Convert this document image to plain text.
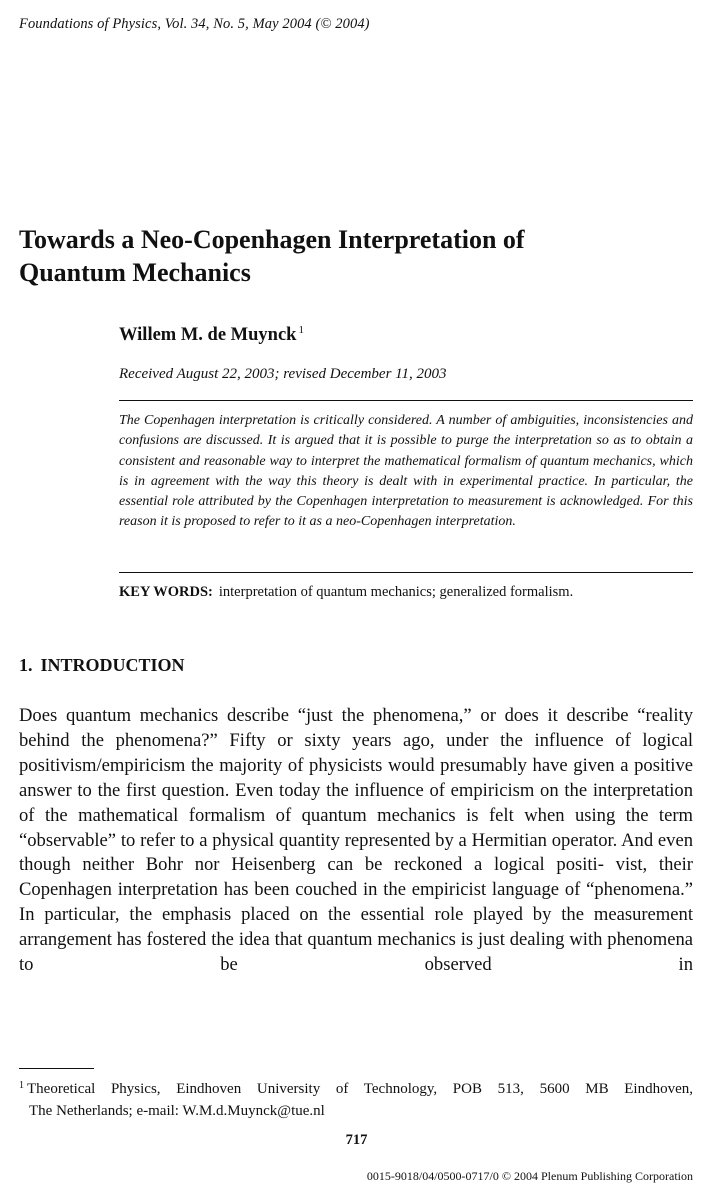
Foundations of Physics, Vol. 34, No. 5, May 2004 (© 2004)
Towards a Neo-Copenhagen Interpretation of
Quantum Mechanics
Willem M. de Muynck $^1$
Received August 22, 2003; revised December 11, 2003

The Copenhagen interpretation is critically considered. A number of ambiguities, inconsistencies and confusions are discussed. It is argued that it is possible to purge the interpretation so as to obtain a consistent and reasonable way to interpret the mathematical formalism of quantum mechanics, which is in agreement with the way this theory is dealt with in experimental practice. In particular, the essential role attributed by the Copenhagen interpretation to measurement is acknowledged. For this reason it is proposed to refer to it as a neo-Copenhagen interpretation.

KEY WORDS: interpretation of quantum mechanics; generalized formalism.
1. INTRODUCTION

Does quantum mechanics describe “just the phenomena,” or does it describe “reality behind the phenomena?” Fifty or sixty years ago, under the influence of logical positivism/empiricism the majority of physicists would presumably have given a positive answer to the first question. Even today the influence of empiricism on the interpretation of the mathematical formalism of quantum mechanics is felt when using the term “observable” to refer to a physical quantity represented by a Hermitian operator. And even though neither Bohr nor Heisenberg can be reckoned a logical positi- vist, their Copenhagen interpretation has been couched in the empiricist language of “phenomena.” In particular, the emphasis placed on the essential role played by the measurement arrangement has fostered the idea that quantum mechanics is just dealing with phenomena to be observed in

$^1$ Theoretical Physics, Eindhoven University of Technology, POB 513, 5600 MB Eindhoven,
The Netherlands; e-mail: W.M.d.Muynck@tue.nl

717
0015-9018/04/0500-0717/0 © 2004 Plenum Publishing Corporation
